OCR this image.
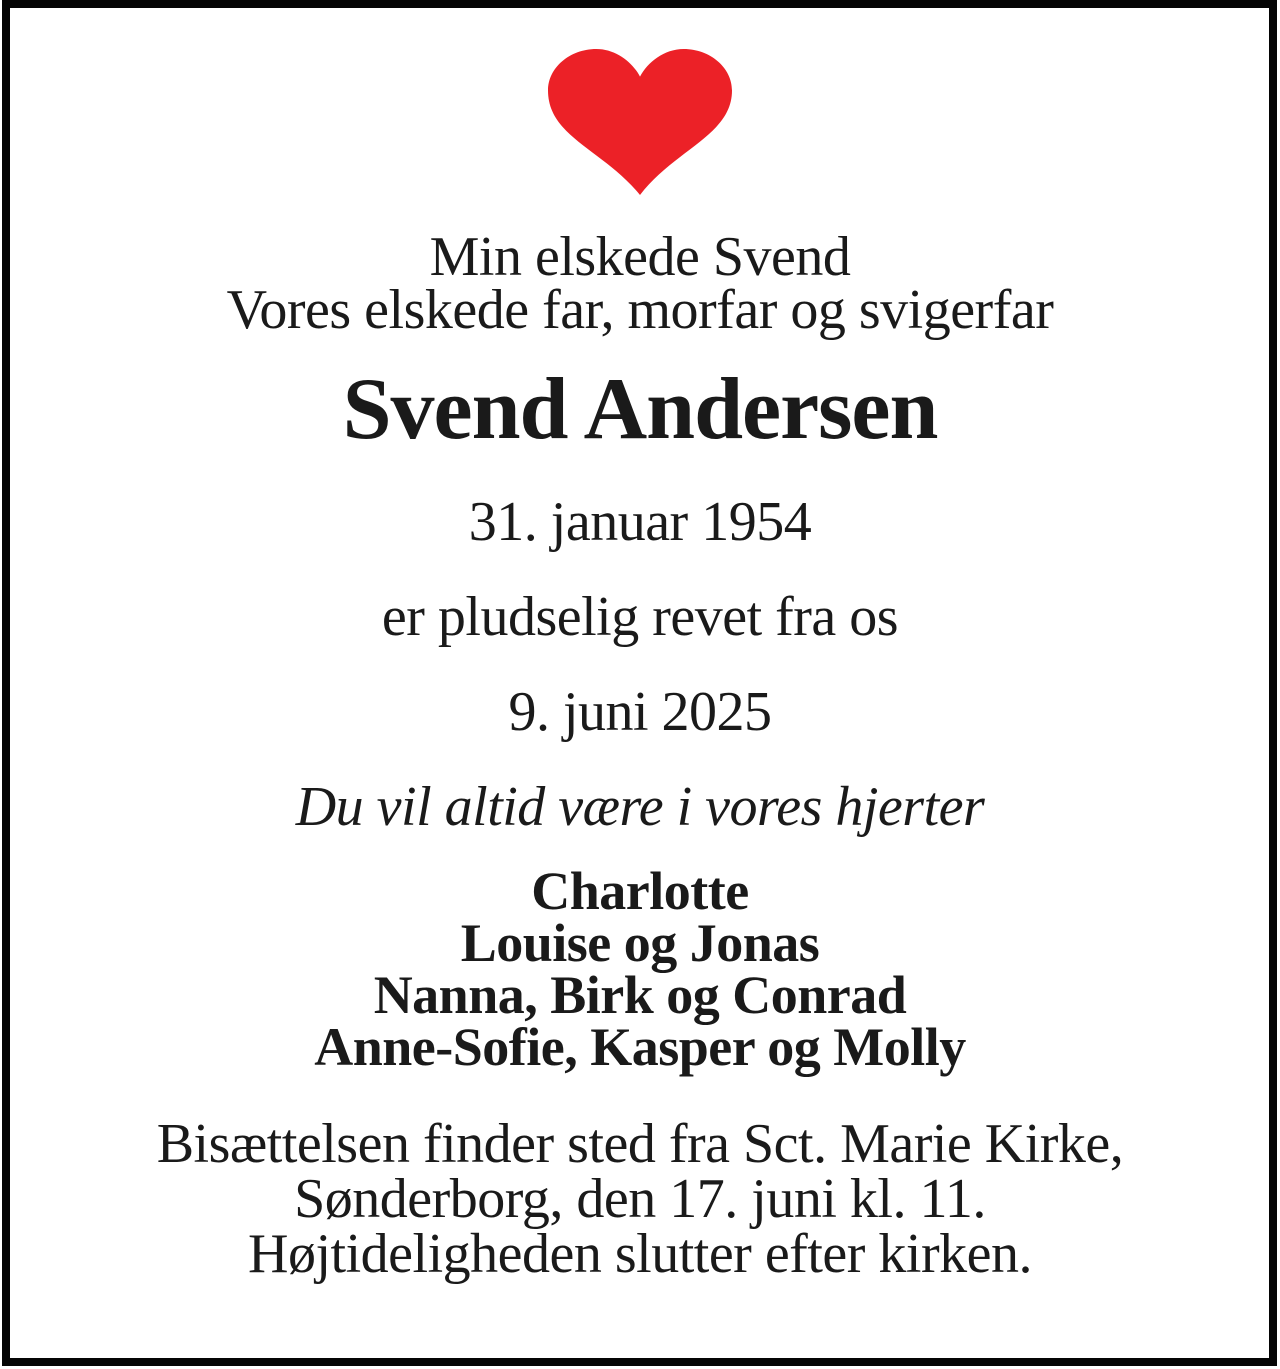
Min elskede Svend
Vores elskede far, morfar og svigerfar
Svend Andersen
31. januar 1954
er pludselig revet fra os
9. juni 2025
Du vil altid være i vores hjerter
Charlotte
Louise og Jonas
Nanna, Birk og Conrad
Anne-Sofie, Kasper og Molly
Bisættelsen finder sted fra Sct. Marie Kirke,
Sønderborg, den 17. juni kl. 11.
Højtideligheden slutter efter kirken.
